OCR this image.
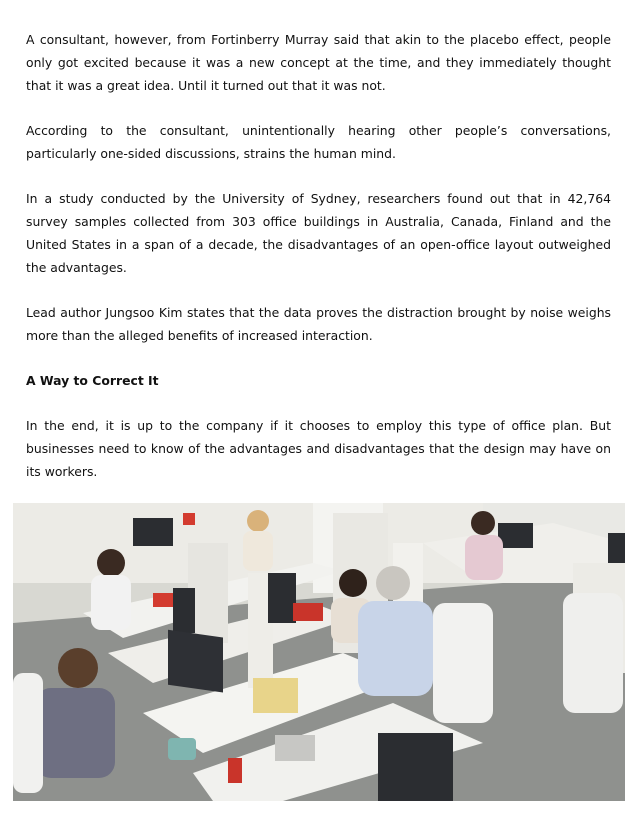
A consultant, however, from Fortinberry Murray said that akin to the placebo effect, people only got excited because it was a new concept at the time, and they immediately thought that it was a great idea. Until it turned out that it was not.

According to the consultant, unintentionally hearing other people’s conversations, particularly one-sided discussions, strains the human mind.

In a study conducted by the University of Sydney, researchers found out that in 42,764 survey samples collected from 303 office buildings in Australia, Canada, Finland and the United States in a span of a decade, the disadvantages of an open-office layout outweighed the advantages.

Lead author Jungsoo Kim states that the data proves the distraction brought by noise weighs more than the alleged benefits of increased interaction.

A Way to Correct It

In the end, it is up to the company if it chooses to employ this type of office plan. But businesses need to know of the advantages and disadvantages that the design may have on its workers.
